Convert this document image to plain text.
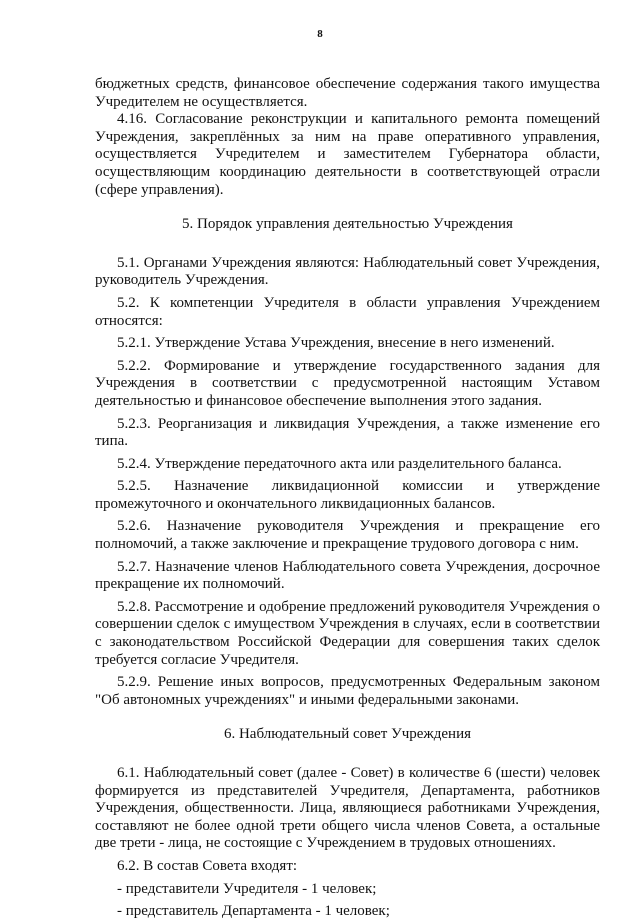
8

бюджетных средств, финансовое обеспечение содержания такого имущества Учредителем не осуществляется.

4.16. Согласование реконструкции и капитального ремонта помещений Учреждения, закреплённых за ним на праве оперативного управления, осуществляется Учредителем и заместителем Губернатора области, осуществляющим координацию деятельности в соответствующей отрасли (сфере управления).

5. Порядок управления деятельностью Учреждения

5.1. Органами Учреждения являются: Наблюдательный совет Учреждения, руководитель Учреждения.

5.2. К компетенции Учредителя в области управления Учреждением относятся:

5.2.1. Утверждение Устава Учреждения, внесение в него изменений.

5.2.2. Формирование и утверждение государственного задания для Учреждения в соответствии с предусмотренной настоящим Уставом деятельностью и финансовое обеспечение выполнения этого задания.

5.2.3. Реорганизация и ликвидация Учреждения, а также изменение его типа.

5.2.4. Утверждение передаточного акта или разделительного баланса.

5.2.5. Назначение ликвидационной комиссии и утверждение промежуточного и окончательного ликвидационных балансов.

5.2.6. Назначение руководителя Учреждения и прекращение его полномочий, а также заключение и прекращение трудового договора с ним.

5.2.7. Назначение членов Наблюдательного совета Учреждения, досрочное прекращение их полномочий.

5.2.8. Рассмотрение и одобрение предложений руководителя Учреждения о совершении сделок с имуществом Учреждения в случаях, если в соответствии с законодательством Российской Федерации для совершения таких сделок требуется согласие Учредителя.

5.2.9. Решение иных вопросов, предусмотренных Федеральным законом "Об автономных учреждениях" и иными федеральными законами.

6. Наблюдательный совет Учреждения

6.1. Наблюдательный совет (далее - Совет) в количестве 6 (шести) человек формируется из представителей Учредителя, Департамента, работников Учреждения, общественности. Лица, являющиеся работниками Учреждения, составляют не более одной трети общего числа членов Совета, а остальные две трети - лица, не состоящие с Учреждением в трудовых отношениях.

6.2. В состав Совета входят:

- представители Учредителя - 1 человек;

- представитель Департамента - 1 человек;
